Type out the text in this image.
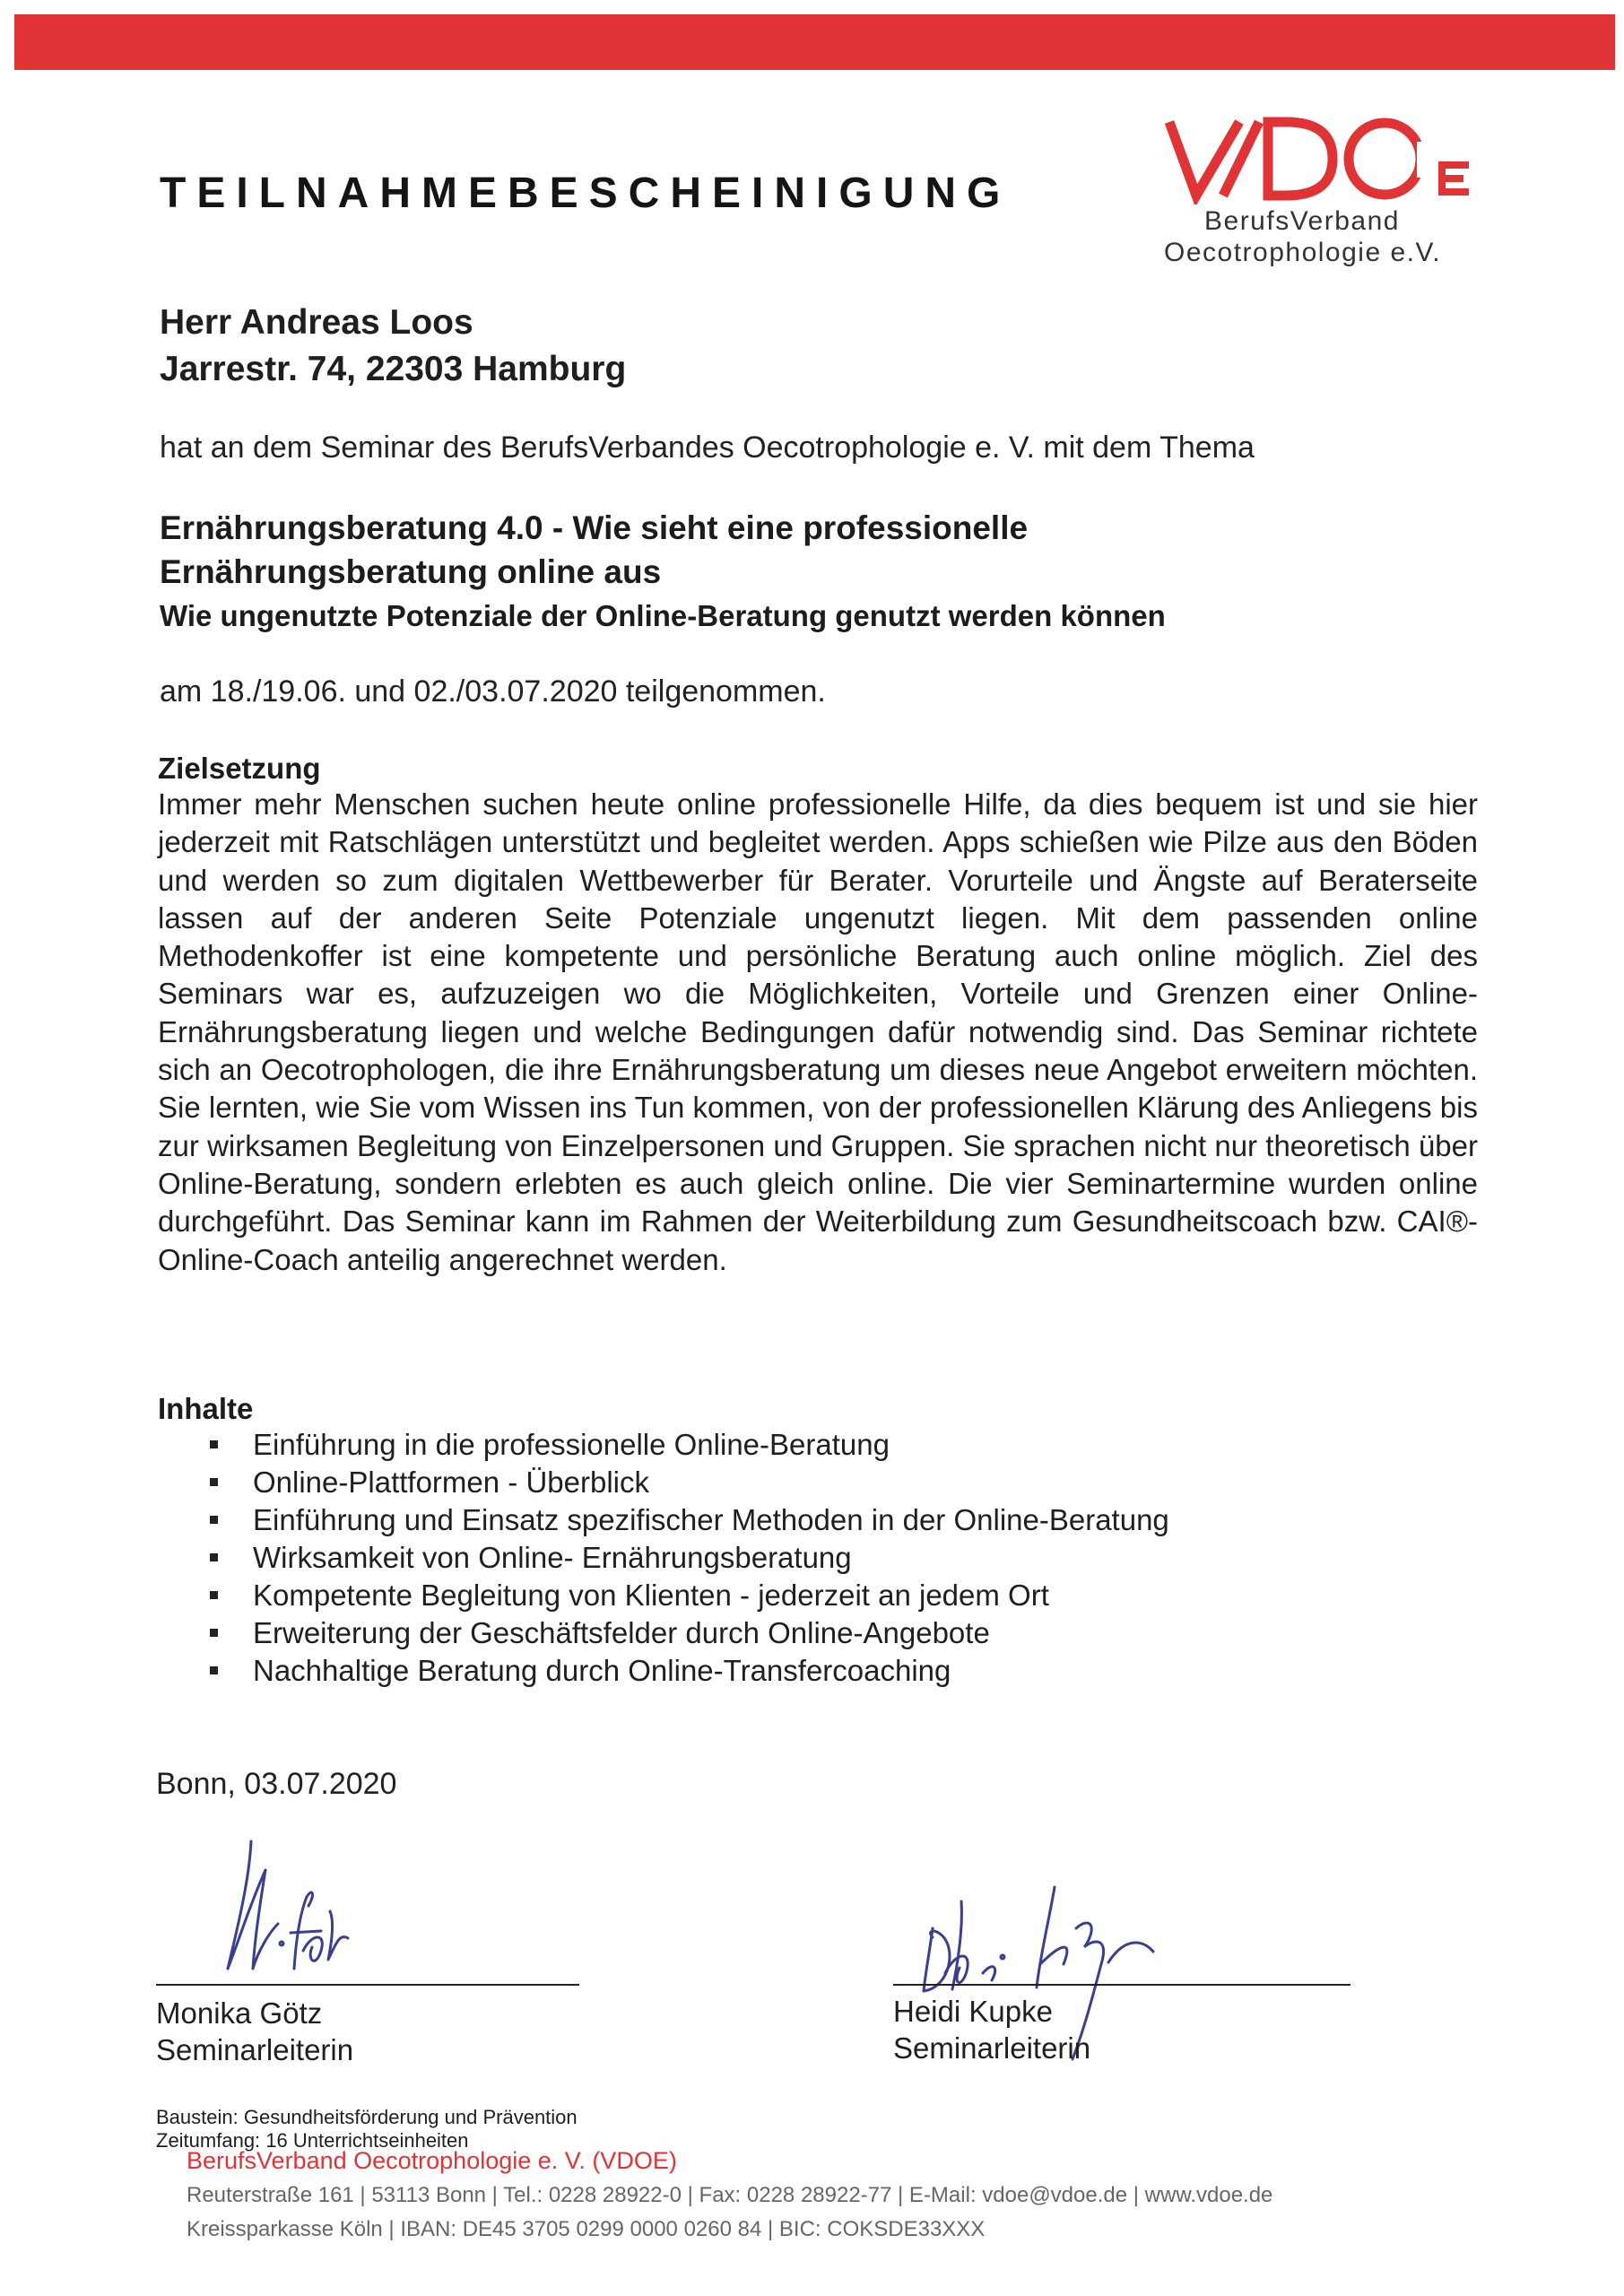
TEILNAHMEBESCHEINIGUNG
BerufsVerband
Oecotrophologie e.V.
Herr Andreas Loos
Jarrestr. 74, 22303 Hamburg
hat an dem Seminar des BerufsVerbandes Oecotrophologie e. V. mit dem Thema
Ernährungsberatung 4.0 - Wie sieht eine professionelle
Ernährungsberatung online aus
Wie ungenutzte Potenziale der Online-Beratung genutzt werden können
am 18./19.06. und 02./03.07.2020 teilgenommen.
Zielsetzung
Immer mehr Menschen suchen heute online professionelle Hilfe, da dies bequem ist und sie hier jederzeit mit Ratschlägen unterstützt und begleitet werden. Apps schießen wie Pilze aus den Böden und werden so zum digitalen Wettbewerber für Berater. Vorurteile und Ängste auf Beraterseite lassen auf der anderen Seite Potenziale ungenutzt liegen. Mit dem passenden online Methodenkoffer ist eine kompetente und persönliche Beratung auch online möglich. Ziel des Seminars war es, aufzuzeigen wo die Möglichkeiten, Vorteile und Grenzen einer Online-Ernährungsberatung liegen und welche Bedingungen dafür notwendig sind. Das Seminar richtete sich an Oecotrophologen, die ihre Ernährungsberatung um dieses neue Angebot erweitern möchten. Sie lernten, wie Sie vom Wissen ins Tun kommen, von der professionellen Klärung des Anliegens bis zur wirksamen Begleitung von Einzelpersonen und Gruppen. Sie sprachen nicht nur theoretisch über Online-Beratung, sondern erlebten es auch gleich online. Die vier Seminartermine wurden online durchgeführt. Das Seminar kann im Rahmen der Weiterbildung zum Gesundheitscoach bzw. CAI®-Online-Coach anteilig angerechnet werden.
Inhalte
Einführung in die professionelle Online-Beratung
Online-Plattformen - Überblick
Einführung und Einsatz spezifischer Methoden in der Online-Beratung
Wirksamkeit von Online- Ernährungsberatung
Kompetente Begleitung von Klienten - jederzeit an jedem Ort
Erweiterung der Geschäftsfelder durch Online-Angebote
Nachhaltige Beratung durch Online-Transfercoaching
Bonn, 03.07.2020
Monika Götz
Seminarleiterin
Heidi Kupke
Seminarleiterin
Baustein: Gesundheitsförderung und Prävention
Zeitumfang: 16 Unterrichtseinheiten
BerufsVerband Oecotrophologie e. V. (VDOE)
Reuterstraße 161 | 53113 Bonn | Tel.: 0228 28922-0 | Fax: 0228 28922-77 | E-Mail: vdoe@vdoe.de | www.vdoe.de
Kreissparkasse Köln | IBAN: DE45 3705 0299 0000 0260 84 | BIC: COKSDE33XXX
